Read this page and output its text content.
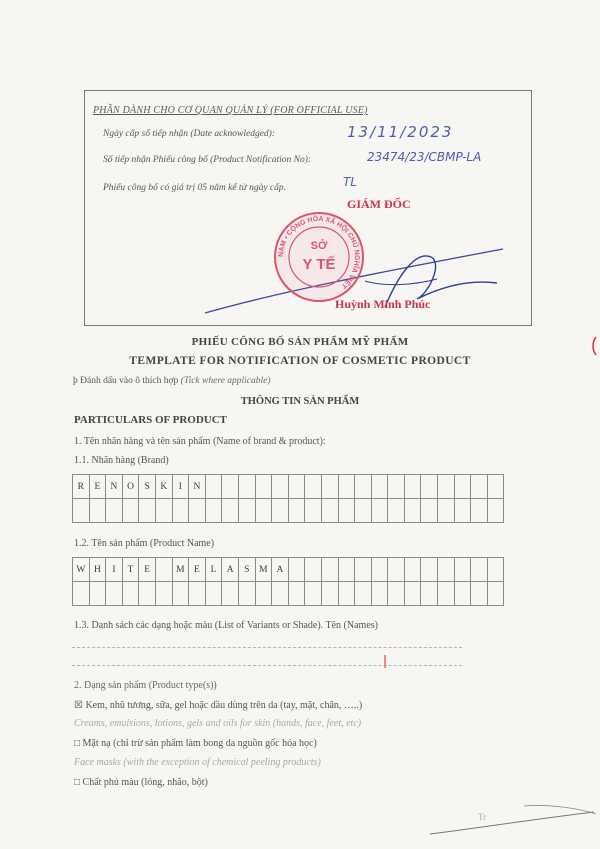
PHẦN DÀNH CHO CƠ QUAN QUẢN LÝ (FOR OFFICIAL USE)
Ngày cấp số tiếp nhận (Date acknowledged):	13/11/2023
Số tiếp nhận Phiếu công bố (Product Notification No):	23474/23/CBMP-LA
Phiếu công bố có giá trị 05 năm kể từ ngày cấp.	TL
GIÁM ĐỐC
NAM • CỘNG HÒA XÃ HỘI CHỦ NGHĨA VIỆT
SỞ
Y TẾ
Huỳnh Minh Phúc
PHIẾU CÔNG BỐ SẢN PHẨM MỸ PHẨM
TEMPLATE FOR NOTIFICATION OF COSMETIC PRODUCT
þ Đánh dấu vào ô thích hợp (Tick where applicable)
THÔNG TIN SẢN PHẨM
PARTICULARS OF PRODUCT
1. Tên nhãn hàng và tên sản phẩm (Name of brand & product):
1.1. Nhãn hàng (Brand)
R	E	N	O	S	K	I	N																		

1.2. Tên sản phẩm (Product Name)
W	H	I	T	E		M	E	L	A	S	M	A													

1.3. Danh sách các dạng hoặc màu (List of Variants or Shade). Tên (Names)
2. Dạng sản phẩm (Product type(s))
☒ Kem, nhũ tương, sữa, gel hoặc dầu dùng trên da (tay, mặt, chân, …..)
Creams, emulsions, lotions, gels and oils for skin (hands, face, feet, etc)
□ Mặt nạ (chỉ trừ sản phẩm làm bong da nguồn gốc hóa học)
Face masks (with the exception of chemical peeling products)
□ Chất phủ màu (lỏng, nhão, bột)
Tr
